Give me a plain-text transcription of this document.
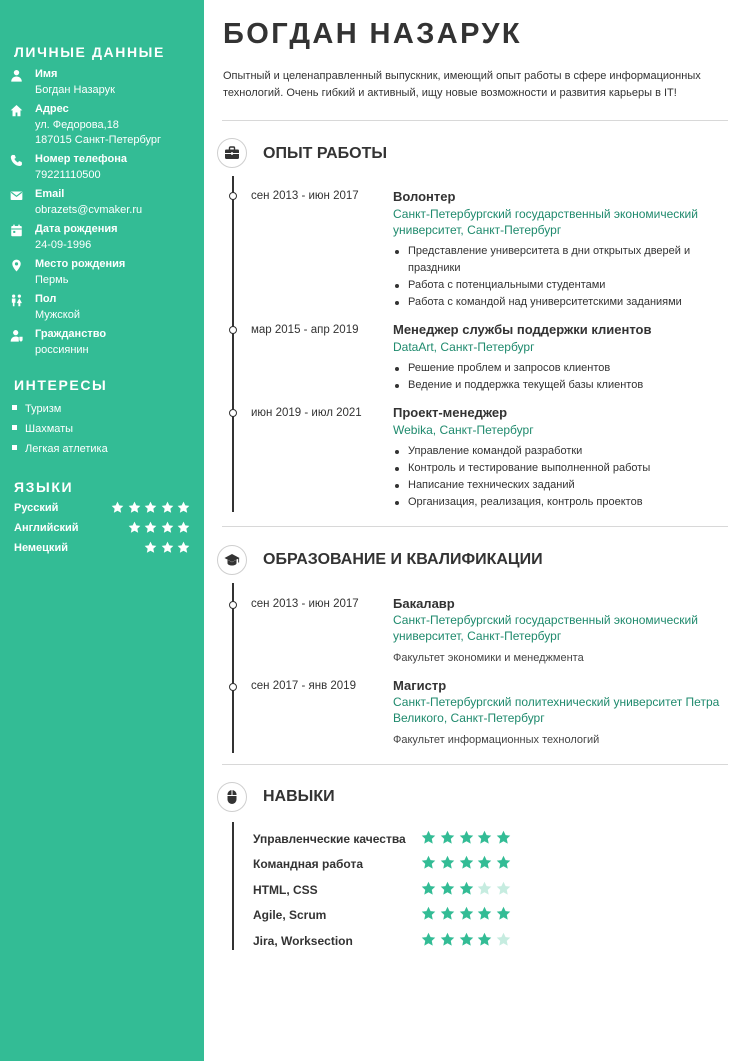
ЛИЧНЫЕ ДАННЫЕ
Имя
Богдан Назарук
Адрес
ул. Федорова,18
187015 Санкт-Петербург
Номер телефона
79221110500
Email
obrazets@cvmaker.ru
Дата рождения
24-09-1996
Место рождения
Пермь
Пол
Мужской
Гражданство
россиянин
ИНТЕРЕСЫ
Туризм
Шахматы
Легкая атлетика
ЯЗЫКИ
Русский
Английский
Немецкий
БОГДАН НАЗАРУК

Опытный и целенаправленный выпускник, имеющий опыт работы в сфере информационных технологий. Очень гибкий и активный, ищу новые возможности и развития карьеры в IT!

ОПЫТ РАБОТЫ
сен 2013 - июн 2017	Волонтер
Санкт-Петербургский государственный экономический университет, Санкт-Петербург
Представление университета в дни открытых дверей и праздники
Работа с потенциальными студентами
Работа с командой над университетскими заданиями
мар 2015 - апр 2019	Менеджер службы поддержки клиентов
DataArt, Санкт-Петербург
Решение проблем и запросов клиентов
Ведение и поддержка текущей базы клиентов
июн 2019 - июл 2021 Проект-менеджер
Webika, Санкт-Петербург
Управление командой разработки
Контроль и тестирование выполненной работы
Написание технических заданий
Организация, реализация, контроль проектов
ОБРАЗОВАНИЕ И КВАЛИФИКАЦИИ
сен 2013 - июн 2017	Бакалавр
Санкт-Петербургский государственный экономический университет, Санкт-Петербург
Факультет экономики и менеджмента
сен 2017 - янв 2019	Магистр
Санкт-Петербургский политехнический университет Петра Великого, Санкт-Петербург
Факультет информационных технологий
НАВЫКИ
Управленческие качества
Командная работа
HTML, CSS
Agile, Scrum
Jira, Worksection
